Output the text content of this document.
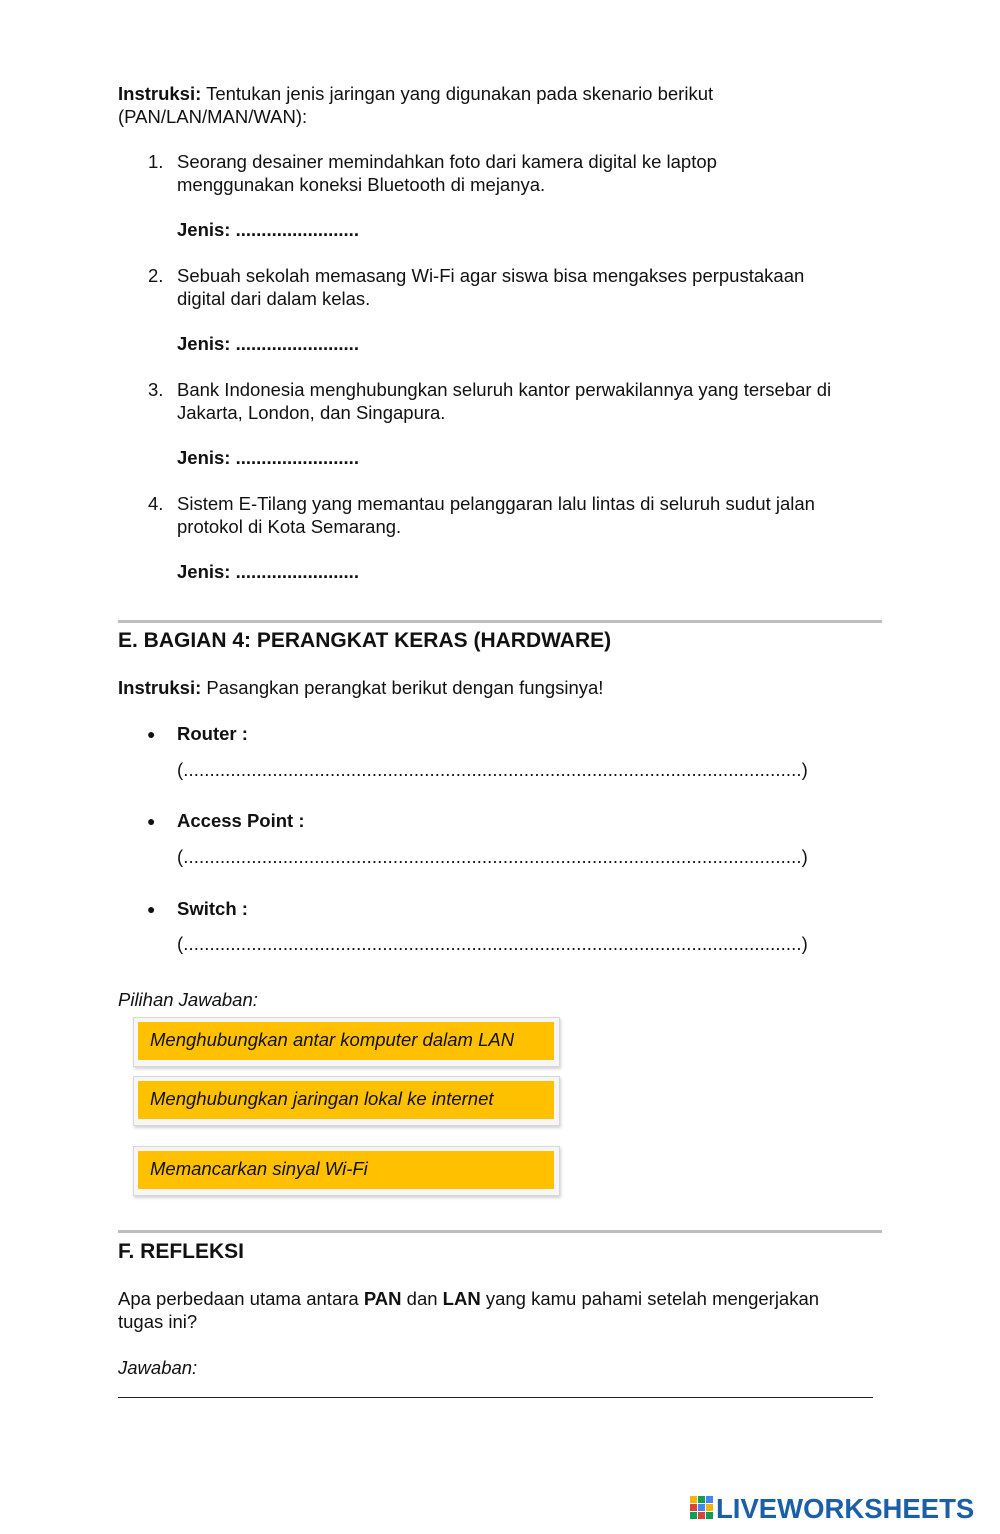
Instruksi: Tentukan jenis jaringan yang digunakan pada skenario berikut
(PAN/LAN/MAN/WAN):
1. Seorang desainer memindahkan foto dari kamera digital ke laptop
menggunakan koneksi Bluetooth di mejanya.
Jenis: ........................
2. Sebuah sekolah memasang Wi-Fi agar siswa bisa mengakses perpustakaan
digital dari dalam kelas.
Jenis: ........................
3. Bank Indonesia menghubungkan seluruh kantor perwakilannya yang tersebar di
Jakarta, London, dan Singapura.
Jenis: ........................
4. Sistem E-Tilang yang memantau pelanggaran lalu lintas di seluruh sudut jalan
protokol di Kota Semarang.
Jenis: ........................
E. BAGIAN 4: PERANGKAT KERAS (HARDWARE)
Instruksi: Pasangkan perangkat berikut dengan fungsinya!
● Router :
(......................................................................................................................)
● Access Point :
(......................................................................................................................)
● Switch :
(......................................................................................................................)
Pilihan Jawaban:
Menghubungkan antar komputer dalam LAN
Menghubungkan jaringan lokal ke internet
Memancarkan sinyal Wi-Fi
F. REFLEKSI
Apa perbedaan utama antara PAN dan LAN yang kamu pahami setelah mengerjakan
tugas ini?
Jawaban:
LIVEWORKSHEETS
